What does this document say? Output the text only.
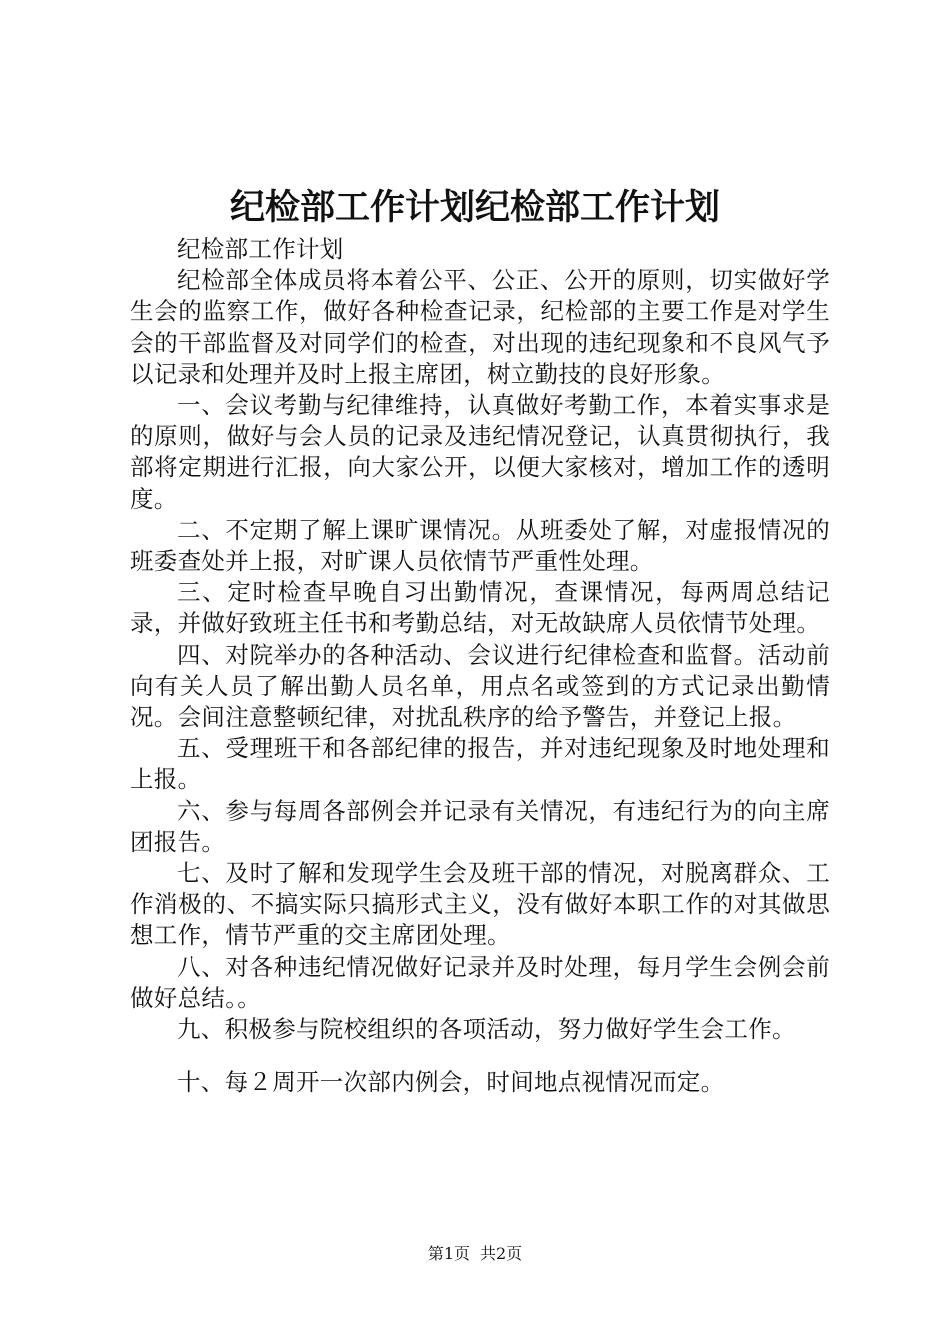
纪检部工作计划纪检部工作计划

纪检部工作计划

纪检部全体成员将本着公平、公正、公开的原则，切实做好学生会的监察工作，做好各种检查记录，纪检部的主要工作是对学生会的干部监督及对同学们的检查，对出现的违纪现象和不良风气予以记录和处理并及时上报主席团，树立勤技的良好形象。

一、会议考勤与纪律维持，认真做好考勤工作，本着实事求是的原则，做好与会人员的记录及违纪情况登记，认真贯彻执行，我部将定期进行汇报，向大家公开，以便大家核对，增加工作的透明度。

二、不定期了解上课旷课情况。从班委处了解，对虚报情况的班委查处并上报，对旷课人员依情节严重性处理。

三、定时检查早晚自习出勤情况，查课情况，每两周总结记录，并做好致班主任书和考勤总结，对无故缺席人员依情节处理。

四、对院举办的各种活动、会议进行纪律检查和监督。活动前向有关人员了解出勤人员名单，用点名或签到的方式记录出勤情况。会间注意整顿纪律，对扰乱秩序的给予警告，并登记上报。

五、受理班干和各部纪律的报告，并对违纪现象及时地处理和上报。

六、参与每周各部例会并记录有关情况，有违纪行为的向主席团报告。

七、及时了解和发现学生会及班干部的情况，对脱离群众、工作消极的、不搞实际只搞形式主义，没有做好本职工作的对其做思想工作，情节严重的交主席团处理。

八、对各种违纪情况做好记录并及时处理，每月学生会例会前做好总结。。

九、积极参与院校组织的各项活动，努力做好学生会工作。

十、每２周开一次部内例会，时间地点视情况而定。

第1页 共2页
